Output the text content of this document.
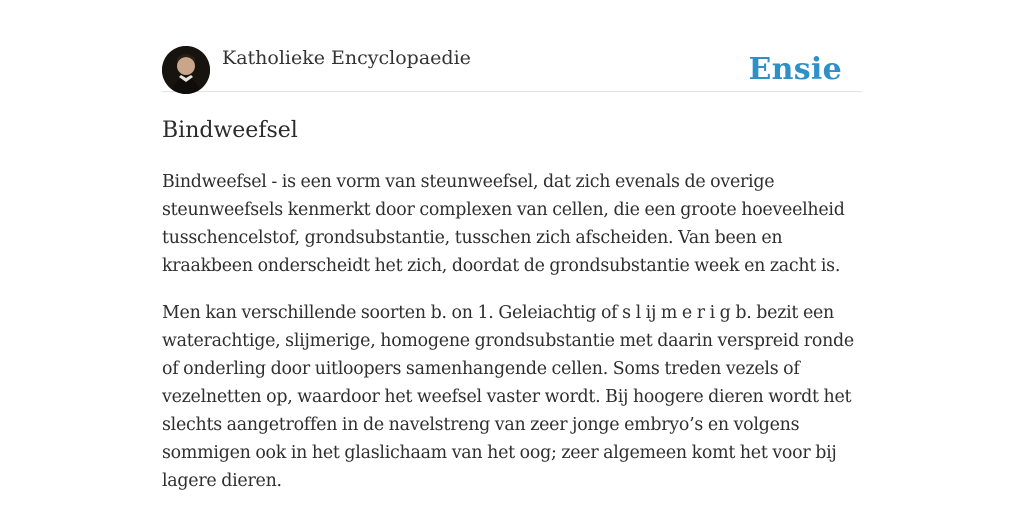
Katholieke Encyclopaedie	Ensie
Bindweefsel

Bindweefsel - is een vorm van steunweefsel, dat zich evenals de overige steunweefsels kenmerkt door complexen van cellen, die een groote hoeveelheid tusschencelstof, grondsubstantie, tusschen zich afscheiden. Van been en kraakbeen onderscheidt het zich, doordat de grondsubstantie week en zacht is.

Men kan verschillende soorten b. on 1. Geleiachtig of s l ij m e r i g b. bezit een waterachtige, slijmerige, homogene grondsubstantie met daarin verspreid ronde of onderling door uitloopers samenhangende cellen. Soms treden vezels of vezelnetten op, waardoor het weefsel vaster wordt. Bij hoogere dieren wordt het slechts aangetroffen in de navelstreng van zeer jonge embryo’s en volgens sommigen ook in het glaslichaam van het oog; zeer algemeen komt het voor bij lagere dieren.
